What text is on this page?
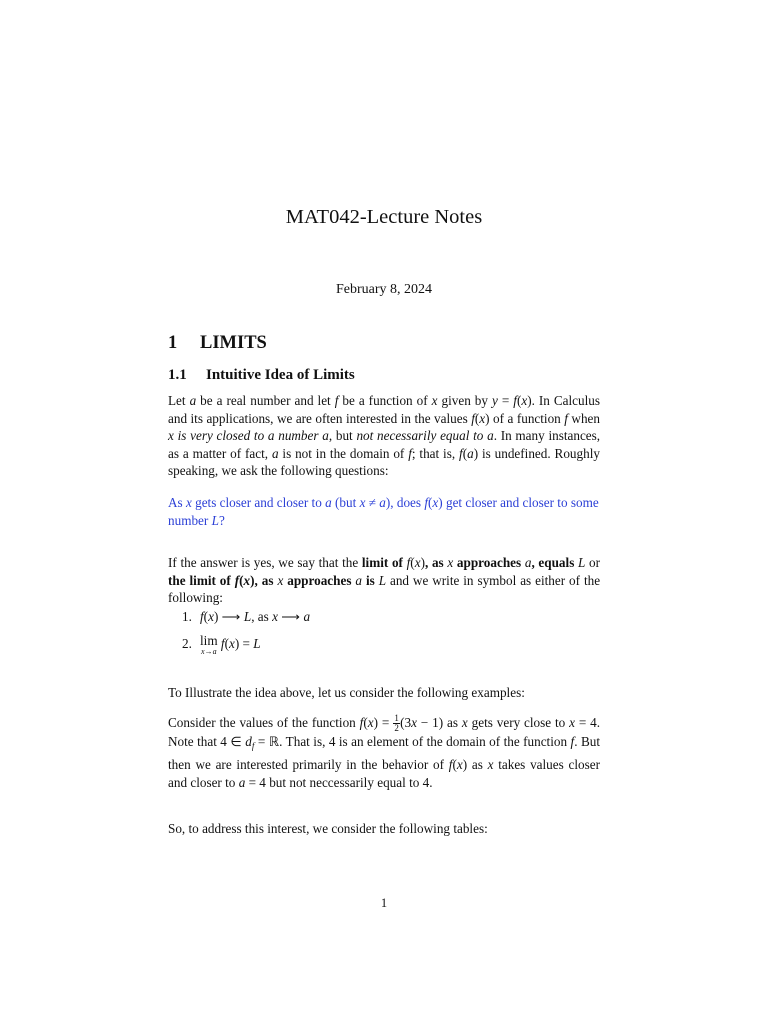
MAT042-Lecture Notes
February 8, 2024
1 LIMITS
1.1 Intuitive Idea of Limits
Let a be a real number and let f be a function of x given by y = f(x). In Calculus and its applications, we are often interested in the values f(x) of a function f when x is very closed to a number a, but not necessarily equal to a. In many instances, as a matter of fact, a is not in the domain of f; that is, f(a) is undefined. Roughly speaking, we ask the following questions:
As x gets closer and closer to a (but x ≠ a), does f(x) get closer and closer to some number L?
If the answer is yes, we say that the limit of f(x), as x approaches a, equals L or the limit of f(x), as x approaches a is L and we write in symbol as either of the following:
1. f(x) ⟶ L, as x ⟶ a
2. lim
x→a
f(x) = L
To Illustrate the idea above, let us consider the following examples:
Consider the values of the function $f(x) = \frac{1}{2} (3x - 1)$ as x gets very close to x = 4. Note that 4 ∈ $d_f$ = ℝ. That is, 4 is an element of the domain of the function f. But then we are interested primarily in the behavior of f(x) as x takes values closer and closer to a = 4 but not neccessarily equal to 4.
So, to address this interest, we consider the following tables:
1
